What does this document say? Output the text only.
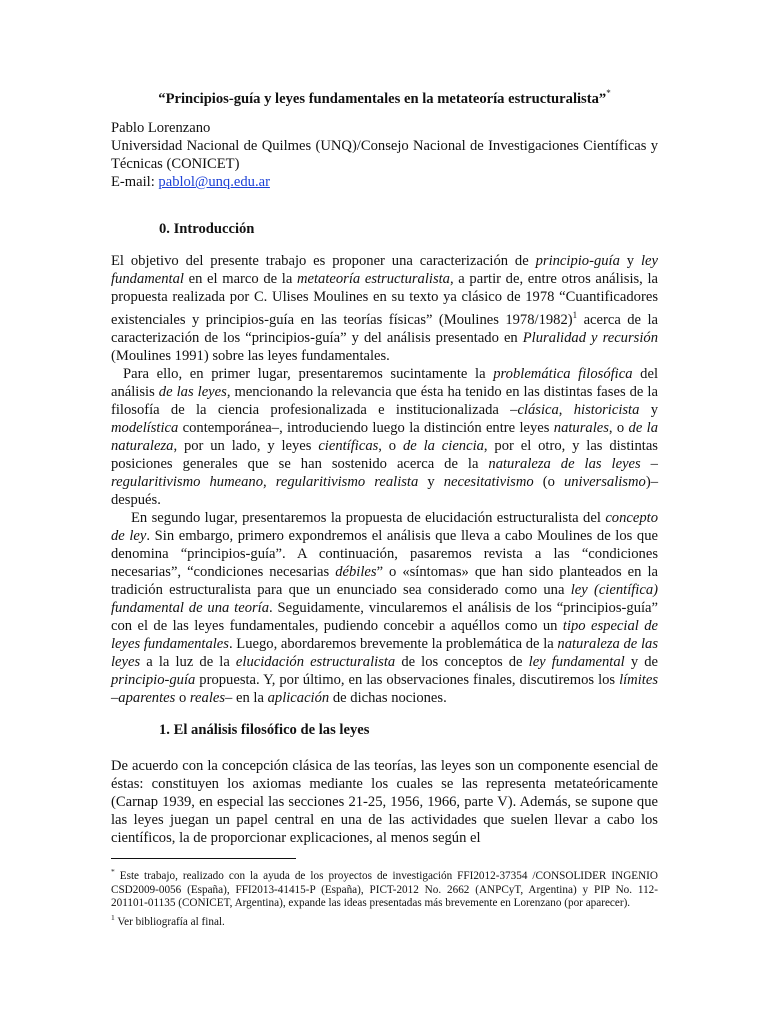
“Principios-guía y leyes fundamentales en la metateoría estructuralista”*

Pablo Lorenzano

Universidad Nacional de Quilmes (UNQ)/Consejo Nacional de Investigaciones Científicas y Técnicas (CONICET)

E-mail: pablol@unq.edu.ar

0. Introducción

El objetivo del presente trabajo es proponer una caracterización de principio-guía y ley fundamental en el marco de la metateoría estructuralista, a partir de, entre otros análisis, la propuesta realizada por C. Ulises Moulines en su texto ya clásico de 1978 “Cuantificadores existenciales y principios-guía en las teorías físicas” (Moulines 1978/1982)$^1$ acerca de la caracterización de los “principios-guía” y del análisis presentado en Pluralidad y recursión (Moulines 1991) sobre las leyes fundamentales.

Para ello, en primer lugar, presentaremos sucintamente la problemática filosófica del análisis de las leyes, mencionando la relevancia que ésta ha tenido en las distintas fases de la filosofía de la ciencia profesionalizada e institucionalizada –clásica, historicista y modelística contemporánea–, introduciendo luego la distinción entre leyes naturales, o de la naturaleza, por un lado, y leyes científicas, o de la ciencia, por el otro, y las distintas posiciones generales que se han sostenido acerca de la naturaleza de las leyes –regularitivismo humeano, regularitivismo realista y necesitativismo (o universalismo)– después.

En segundo lugar, presentaremos la propuesta de elucidación estructuralista del concepto de ley. Sin embargo, primero expondremos el análisis que lleva a cabo Moulines de los que denomina “principios-guía”. A continuación, pasaremos revista a las “condiciones necesarias”, “condiciones necesarias débiles” o «síntomas» que han sido planteados en la tradición estructuralista para que un enunciado sea considerado como una ley (científica) fundamental de una teoría. Seguidamente, vincularemos el análisis de los “principios-guía” con el de las leyes fundamentales, pudiendo concebir a aquéllos como un tipo especial de leyes fundamentales. Luego, abordaremos brevemente la problemática de la naturaleza de las leyes a la luz de la elucidación estructuralista de los conceptos de ley fundamental y de principio-guía propuesta. Y, por último, en las observaciones finales, discutiremos los límites –aparentes o reales– en la aplicación de dichas nociones.

1. El análisis filosófico de las leyes

De acuerdo con la concepción clásica de las teorías, las leyes son un componente esencial de éstas: constituyen los axiomas mediante los cuales se las representa metateóricamente (Carnap 1939, en especial las secciones 21-25, 1956, 1966, parte V). Además, se supone que las leyes juegan un papel central en una de las actividades que suelen llevar a cabo los científicos, la de proporcionar explicaciones, al menos según el

* Este trabajo, realizado con la ayuda de los proyectos de investigación FFI2012-37354 /CONSOLIDER INGENIO CSD2009-0056 (España), FFI2013-41415-P (España), PICT-2012 No. 2662 (ANPCyT, Argentina) y PIP No. 112-201101-01135 (CONICET, Argentina), expande las ideas presentadas más brevemente en Lorenzano (por aparecer).

$^1$ Ver bibliografía al final.
